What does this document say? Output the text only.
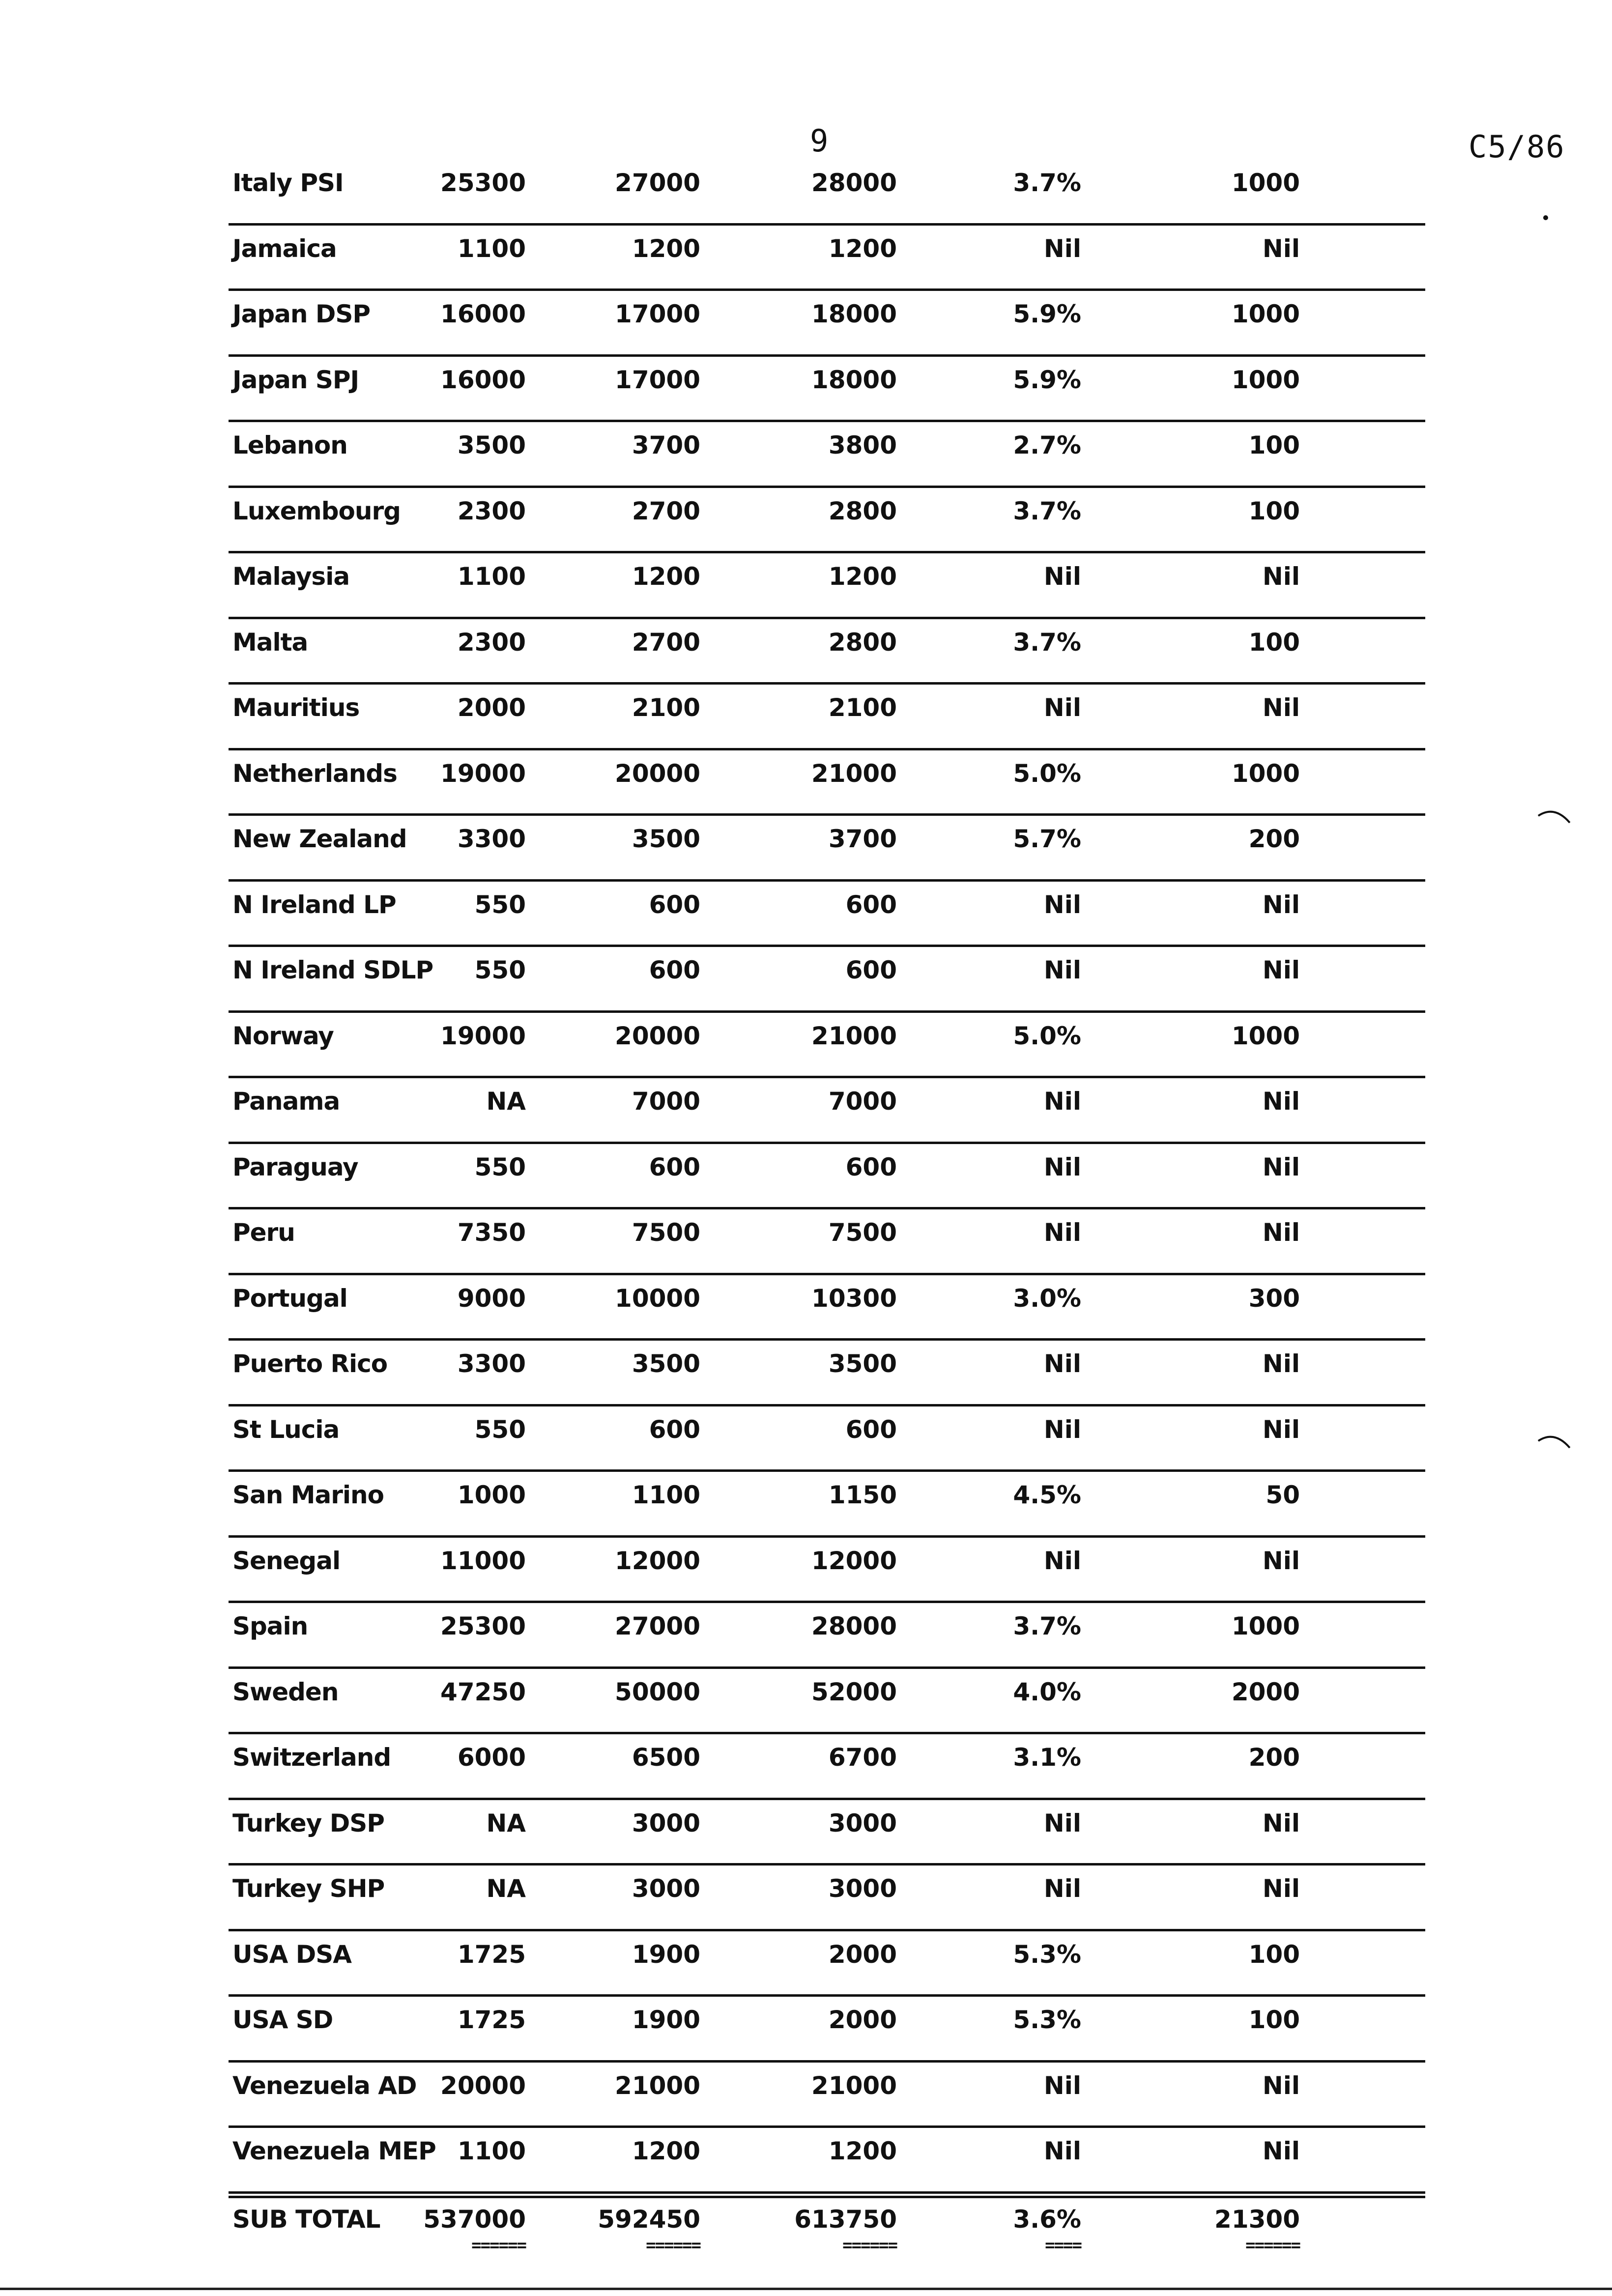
9	C5/86
Italy PSI	25300	27000	28000	3.7%	1000
Jamaica	1100	1200	1200	Nil	Nil
Japan DSP	16000	17000	18000	5.9%	1000
Japan SPJ	16000	17000	18000	5.9%	1000
Lebanon	3500	3700	3800	2.7%	100
Luxembourg 2300	2700	2800	3.7%	100
Malaysia	1100	1200	1200	Nil	Nil
Malta	2300	2700	2800	3.7%	100
Mauritius	2000	2100	2100	Nil	Nil
Netherlands 19000	20000	21000	5.0%	1000
New Zealand 3300	3500	3700	5.7%	200
N Ireland LP	550	600	600	Nil	Nil
N Ireland SDLP 550	600	600	Nil	Nil
Norway	19000	20000	21000	5.0%	1000
Panama	NA	7000	7000	Nil	Nil
Paraguay	550	600	600	Nil	Nil
Peru	7350	7500	7500	Nil	Nil
Portugal	9000	10000	10300	3.0%	300
Puerto Rico	3300	3500	3500	Nil	Nil
St Lucia	550	600	600	Nil	Nil
San Marino	1000	1100	1150	4.5%	50
Senegal	11000	12000	12000	Nil	Nil
Spain	25300	27000	28000	3.7%	1000
Sweden	47250	50000	52000	4.0%	2000
Switzerland	6000	6500	6700	3.1%	200
Turkey DSP	NA	3000	3000	Nil	Nil
Turkey SHP	NA	3000	3000	Nil	Nil
USA DSA	1725	1900	2000	5.3%	100
USA SD	1725	1900	2000	5.3%	100
Venezuela AD 20000	21000	21000	Nil	Nil
Venezuela MEP 1100	1200	1200	Nil	Nil
SUB TOTAL 537000	592450	613750	3.6%	21300
======	======	======	====	======
